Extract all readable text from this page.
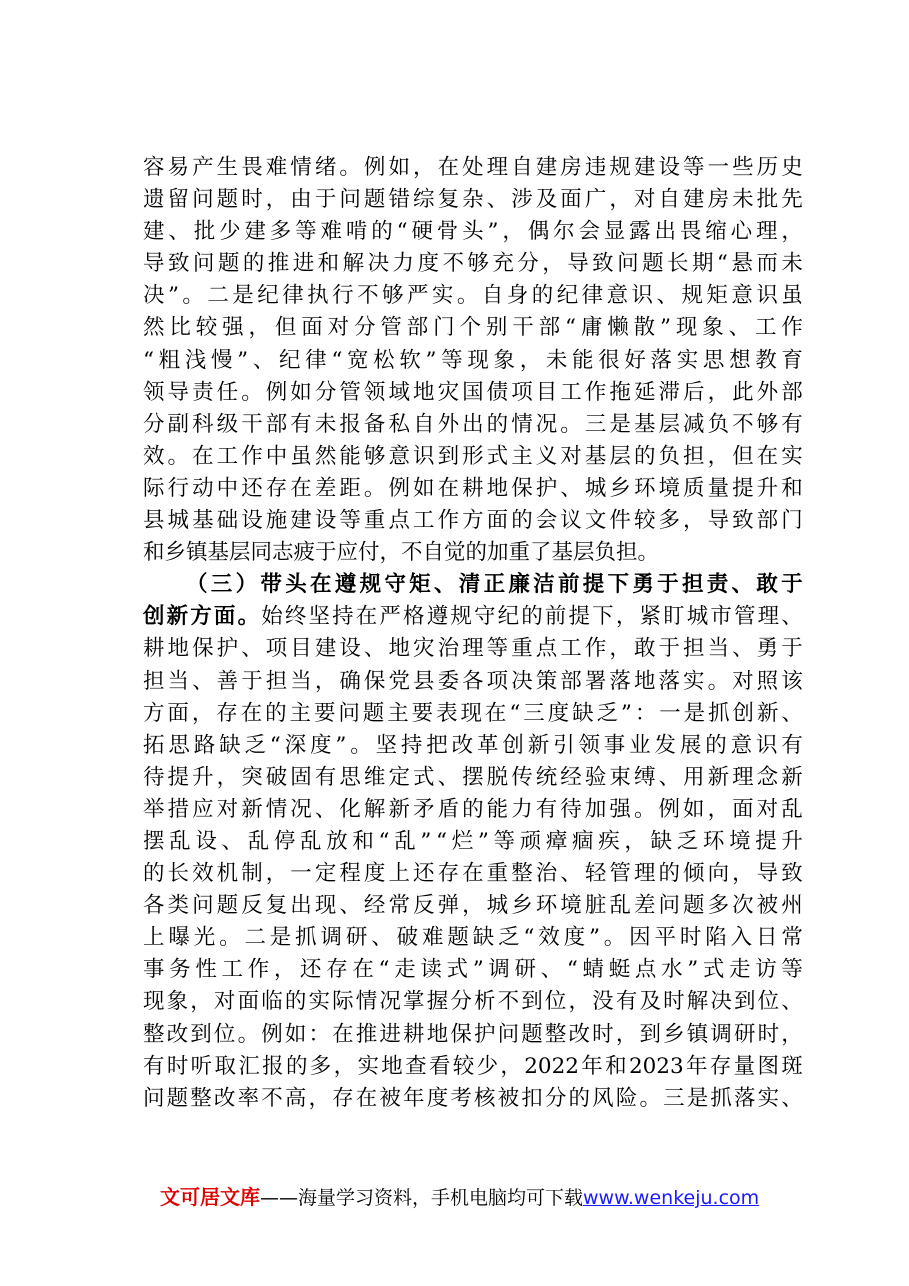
容 易 产 生 畏 难 情 绪 。 例 如 ， 在 处 理 自 建 房 违 规 建 设 等 一 些 历 史
遗 留 问 题 时 ， 由 于 问 题 错 综 复 杂 、 涉 及 面 广 ， 对 自 建 房 未 批 先
建 、 批 少 建 多 等 难 啃 的 “ 硬 骨 头 ” ， 偶 尔 会 显 露 出 畏 缩 心 理 ，
导 致 问 题 的 推 进 和 解 决 力 度 不 够 充 分 ， 导 致 问 题 长 期 “ 悬 而 未
决 ” 。 二 是 纪 律 执 行 不 够 严 实 。 自 身 的 纪 律 意 识 、 规 矩 意 识 虽
然 比 较 强 ， 但 面 对 分 管 部 门 个 别 干 部 “ 庸 懒 散 ” 现 象 、 工 作
“ 粗 浅 慢 ” 、 纪 律 “ 宽 松 软 ” 等 现 象 ， 未 能 很 好 落 实 思 想 教 育
领 导 责 任 。 例 如 分 管 领 域 地 灾 国 债 项 目 工 作 拖 延 滞 后 ， 此 外 部
分 副 科 级 干 部 有 未 报 备 私 自 外 出 的 情 况 。 三 是 基 层 减 负 不 够 有
效 。 在 工 作 中 虽 然 能 够 意 识 到 形 式 主 义 对 基 层 的 负 担 ， 但 在 实
际 行 动 中 还 存 在 差 距 。 例 如 在 耕 地 保 护 、 城 乡 环 境 质 量 提 升 和
县 城 基 础 设 施 建 设 等 重 点 工 作 方 面 的 会 议 文 件 较 多 ， 导 致 部 门
和乡镇基层同志疲于应付，不自觉的加重了基层负担。
（ 三 ） 带 头 在 遵 规 守 矩 、 清 正 廉 洁 前 提 下 勇 于 担 责 、 敢 于
创 新 方 面 。 始 终 坚 持 在 严 格 遵 规 守 纪 的 前 提 下 ， 紧 盯 城 市 管 理 、
耕 地 保 护 、 项 目 建 设 、 地 灾 治 理 等 重 点 工 作 ， 敢 于 担 当 、 勇 于
担 当 、 善 于 担 当 ， 确 保 党 县 委 各 项 决 策 部 署 落 地 落 实 。 对 照 该
方 面 ， 存 在 的 主 要 问 题 主 要 表 现 在 “ 三 度 缺 乏 ” ： 一 是 抓 创 新 、
拓 思 路 缺 乏 “ 深 度 ” 。 坚 持 把 改 革 创 新 引 领 事 业 发 展 的 意 识 有
待 提 升 ， 突 破 固 有 思 维 定 式 、 摆 脱 传 统 经 验 束 缚 、 用 新 理 念 新
举 措 应 对 新 情 况 、 化 解 新 矛 盾 的 能 力 有 待 加 强 。 例 如 ， 面 对 乱
摆 乱 设 、 乱 停 乱 放 和 “ 乱 ” “ 烂 ” 等 顽 瘴 痼 疾 ， 缺 乏 环 境 提 升
的 长 效 机 制 ， 一 定 程 度 上 还 存 在 重 整 治 、 轻 管 理 的 倾 向 ， 导 致
各 类 问 题 反 复 出 现 、 经 常 反 弹 ， 城 乡 环 境 脏 乱 差 问 题 多 次 被 州
上 曝 光 。 二 是 抓 调 研 、 破 难 题 缺 乏 “ 效 度 ” 。 因 平 时 陷 入 日 常
事 务 性 工 作 ， 还 存 在 “ 走 读 式 ” 调 研 、 “ 蜻 蜓 点 水 ” 式 走 访 等
现 象 ， 对 面 临 的 实 际 情 况 掌 握 分 析 不 到 位 ， 没 有 及 时 解 决 到 位 、
整 改 到 位 。 例 如 ： 在 推 进 耕 地 保 护 问 题 整 改 时 ， 到 乡 镇 调 研 时 ，
有 时 听 取 汇 报 的 多 ， 实 地 查 看 较 少 ， 2022 年 和 2023 年 存 量 图 斑
问 题 整 改 率 不 高 ， 存 在 被 年 度 考 核 被 扣 分 的 风 险 。 三 是 抓 落 实 、
文可居文库——海量学习资料，手机电脑均可下载www.wenkeju.com
